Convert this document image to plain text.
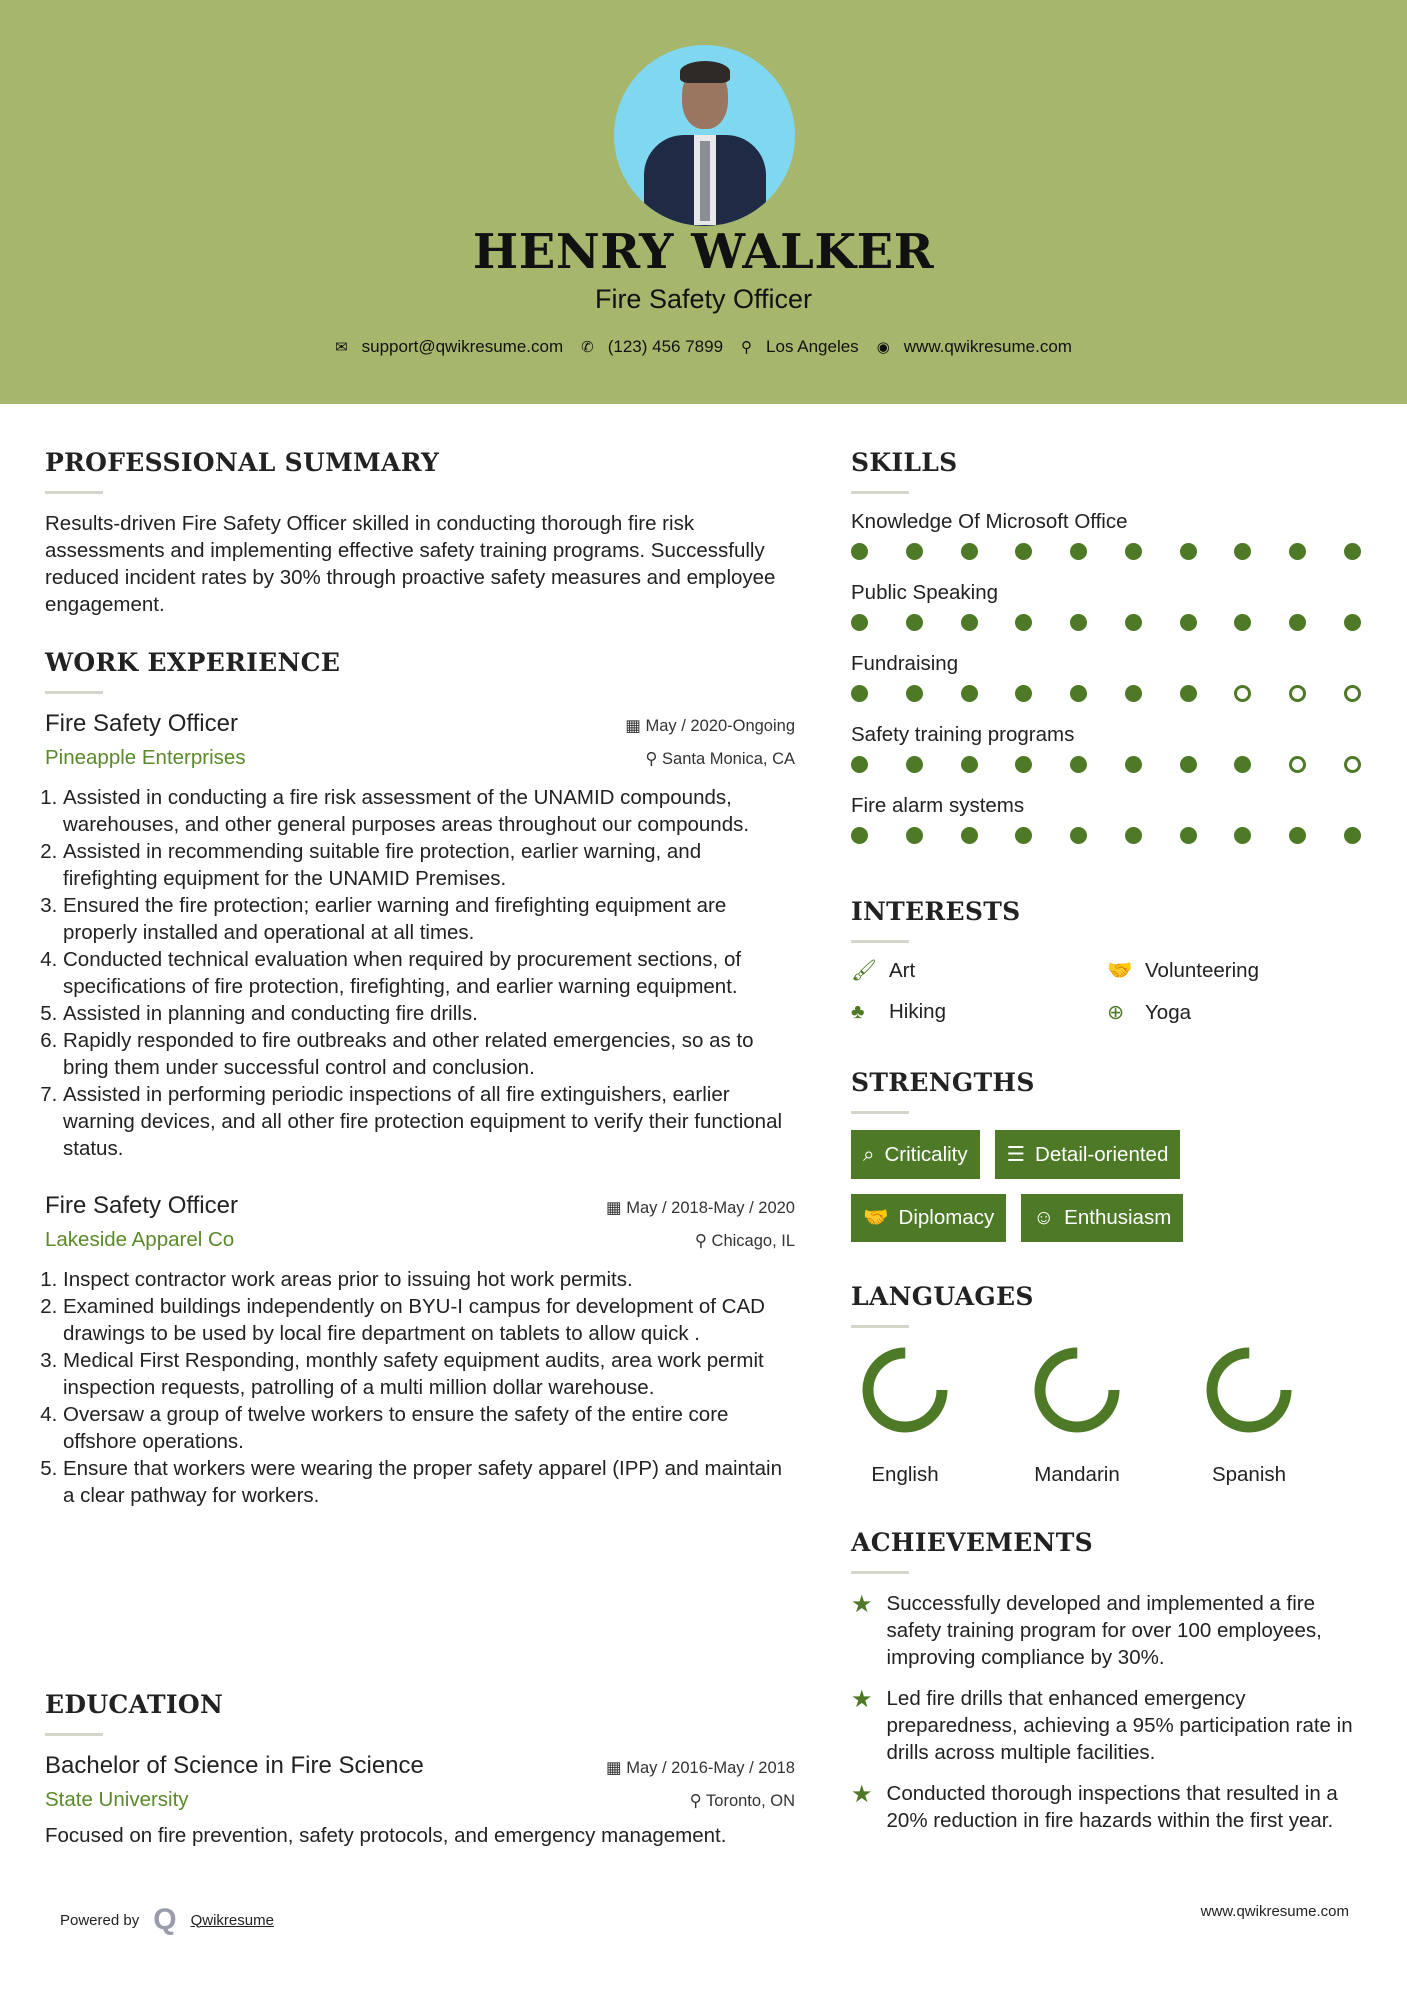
HENRY WALKER
Fire Safety Officer
✉ support@qwikresume.com ✆ (123) 456 7899 ⚲ Los Angeles ◉ www.qwikresume.com
PROFESSIONAL SUMMARY
Results-driven Fire Safety Officer skilled in conducting thorough fire risk assessments and implementing effective safety training programs. Successfully reduced incident rates by 30% through proactive safety measures and employee engagement.
WORK EXPERIENCE
Fire Safety Officer	▦ May / 2020-Ongoing
Pineapple Enterprises	⚲ Santa Monica, CA
1. Assisted in conducting a fire risk assessment of the UNAMID compounds, warehouses, and other general purposes areas throughout our compounds.
2. Assisted in recommending suitable fire protection, earlier warning, and firefighting equipment for the UNAMID Premises.
3. Ensured the fire protection; earlier warning and firefighting equipment are properly installed and operational at all times.
4. Conducted technical evaluation when required by procurement sections, of specifications of fire protection, firefighting, and earlier warning equipment.
5. Assisted in planning and conducting fire drills.
6. Rapidly responded to fire outbreaks and other related emergencies, so as to bring them under successful control and conclusion.
7. Assisted in performing periodic inspections of all fire extinguishers, earlier warning devices, and all other fire protection equipment to verify their functional status.
Fire Safety Officer	▦ May / 2018-May / 2020
Lakeside Apparel Co	⚲ Chicago, IL
1. Inspect contractor work areas prior to issuing hot work permits.
2. Examined buildings independently on BYU-I campus for development of CAD drawings to be used by local fire department on tablets to allow quick .
3. Medical First Responding, monthly safety equipment audits, area work permit inspection requests, patrolling of a multi million dollar warehouse.
4. Oversaw a group of twelve workers to ensure the safety of the entire core offshore operations.
5. Ensure that workers were wearing the proper safety apparel (IPP) and maintain a clear pathway for workers.
EDUCATION
Bachelor of Science in Fire Science	▦ May / 2016-May / 2018
State University	⚲ Toronto, ON
Focused on fire prevention, safety protocols, and emergency management.
SKILLS
Knowledge Of Microsoft Office
Public Speaking
Fundraising
Safety training programs
Fire alarm systems
INTERESTS
🖌 Art	🤝 Volunteering
♣ Hiking	⊕ Yoga
STRENGTHS
⌕ Criticality ☰ Detail-oriented
🤝 Diplomacy ☺ Enthusiasm
LANGUAGES
English	Mandarin	Spanish
ACHIEVEMENTS
★ Successfully developed and implemented a fire safety training program for over 100 employees, improving compliance by 30%.
★ Led fire drills that enhanced emergency preparedness, achieving a 95% participation rate in drills across multiple facilities.
★ Conducted thorough inspections that resulted in a 20% reduction in fire hazards within the first year.
Powered by Q Qwikresume	www.qwikresume.com
